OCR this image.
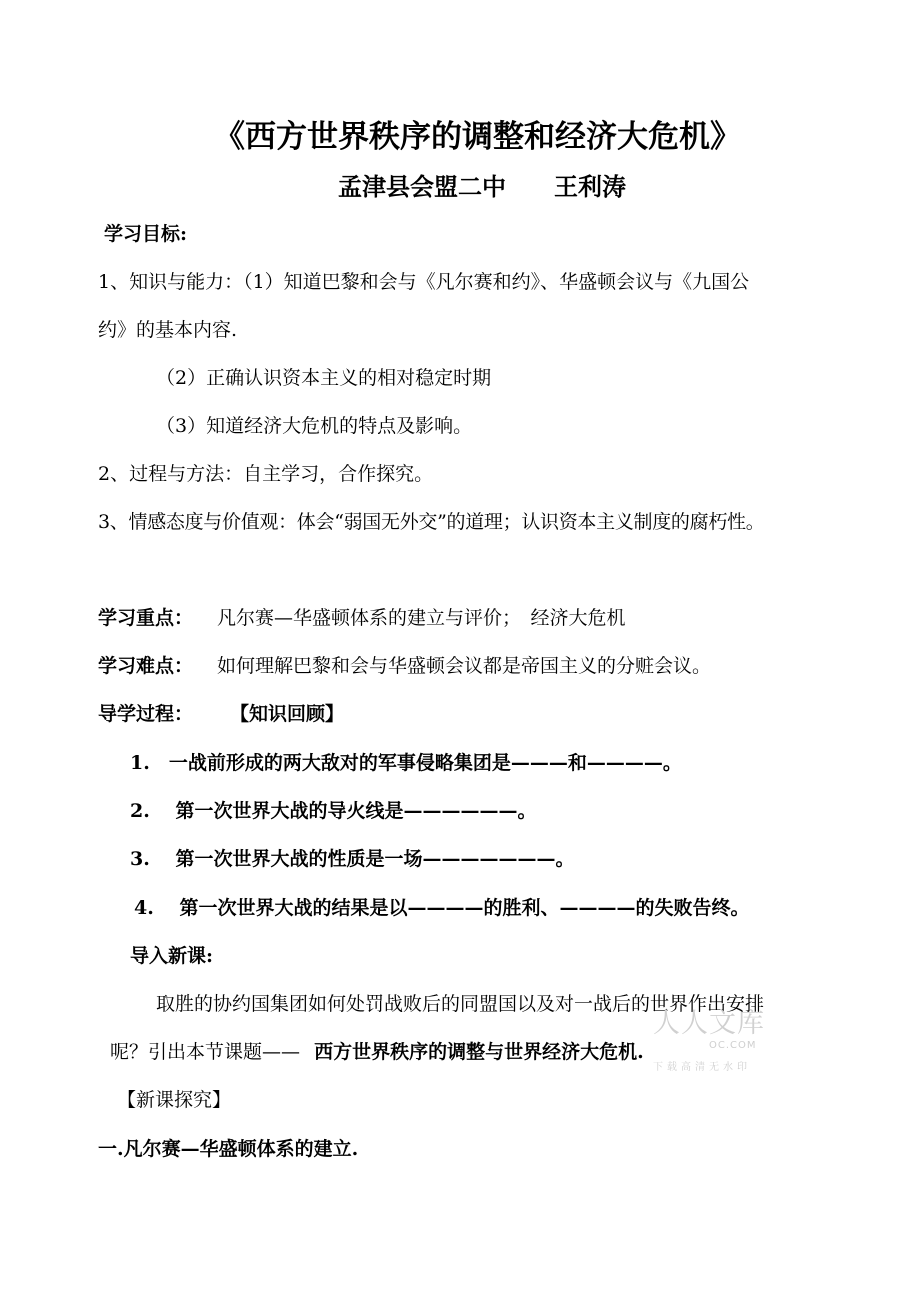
《西方世界秩序的调整和经济大危机》
孟津县会盟二中　　王利涛
学习目标:
1、知识与能力：（1）知道巴黎和会与《凡尔赛和约》、华盛顿会议与《九国公
约》的基本内容.
（2）正确认识资本主义的相对稳定时期
（3）知道经济大危机的特点及影响。
2、过程与方法：自主学习，合作探究。
3、情感态度与价值观：体会“弱国无外交”的道理；认识资本主义制度的腐朽性。
学习重点： 凡尔赛—华盛顿体系的建立与评价；　经济大危机
学习难点： 如何理解巴黎和会与华盛顿会议都是帝国主义的分赃会议。
导学过程： 【知识回顾】
1.　一战前形成的两大敌对的军事侵略集团是———和————。
2.　 第一次世界大战的导火线是——————。
3.　 第一次世界大战的性质是一场———————。
4.　 第一次世界大战的结果是以————的胜利、————的失败告终。
导入新课:
取胜的协约国集团如何处罚战败后的同盟国以及对一战后的世界作出安排
呢？引出本节课题—— 西方世界秩序的调整与世界经济大危机.
【新课探究】
一.凡尔赛—华盛顿体系的建立.
人人文库
OC.COM
下载高清无水印
